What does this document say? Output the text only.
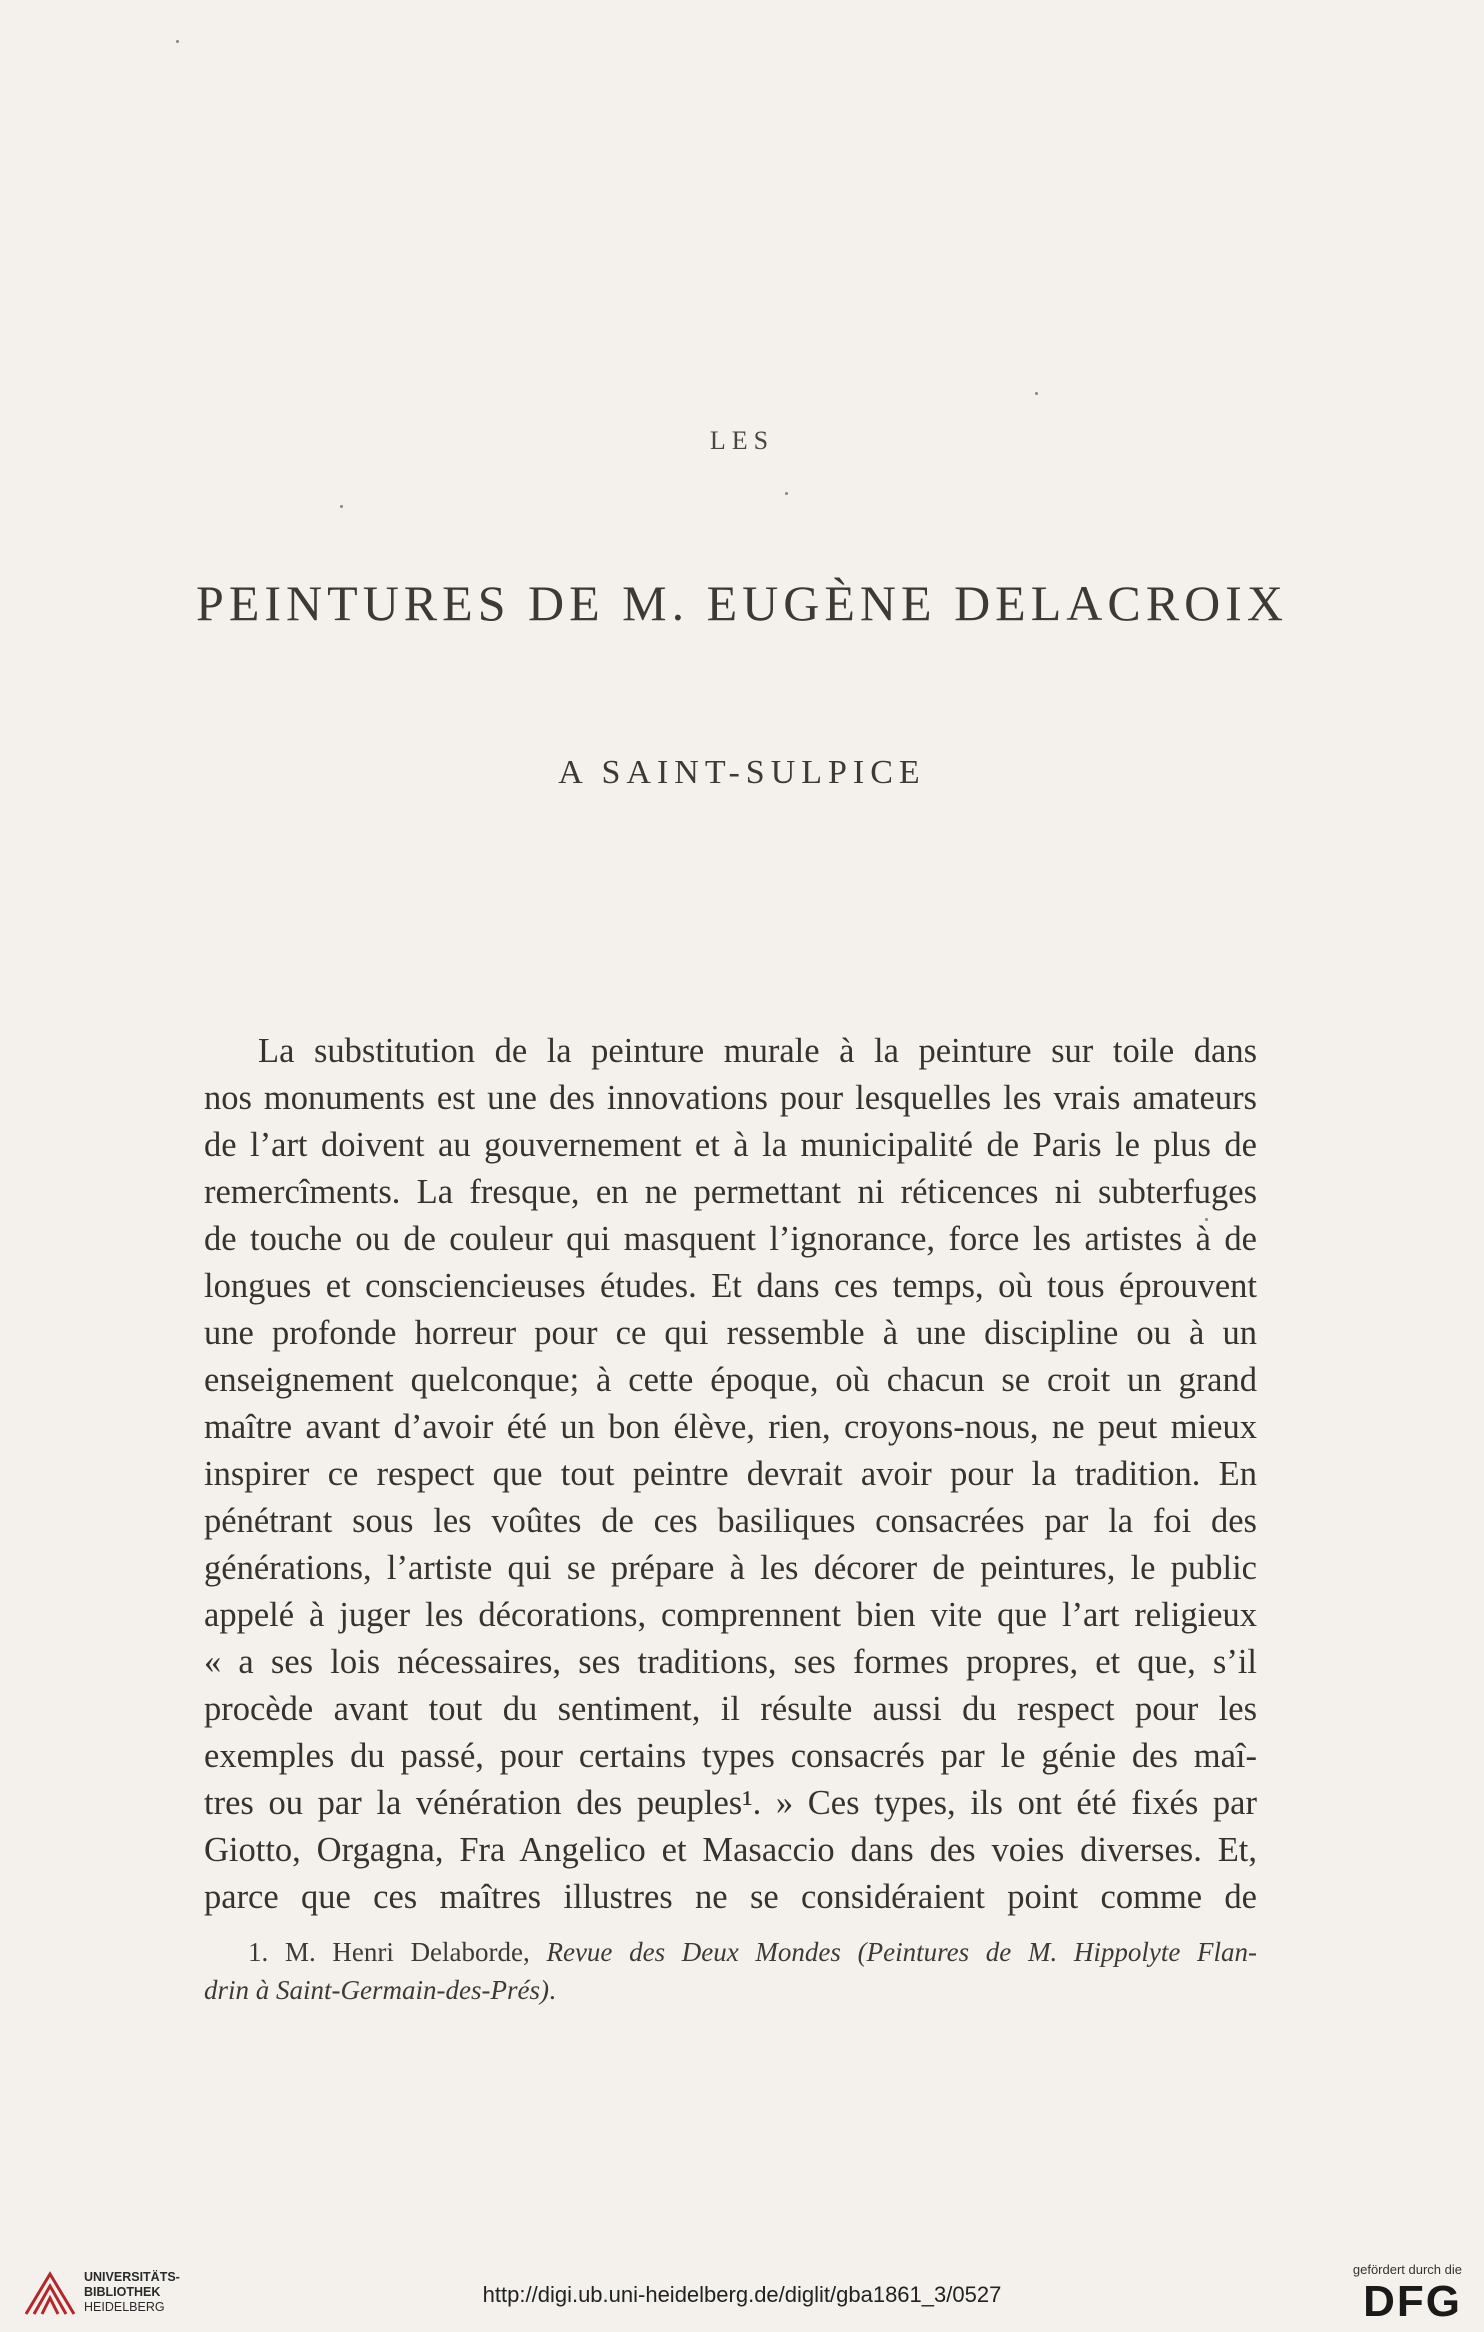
LES
PEINTURES DE M. EUGÈNE DELACROIX
A SAINT-SULPICE
La substitution de la peinture murale à la peinture sur toile dans
nos monuments est une des innovations pour lesquelles les vrais amateurs
de l’art doivent au gouvernement et à la municipalité de Paris le plus de
remercîments. La fresque, en ne permettant ni réticences ni subterfuges
de touche ou de couleur qui masquent l’ignorance, force les artistes à de
longues et consciencieuses études. Et dans ces temps, où tous éprouvent
une profonde horreur pour ce qui ressemble à une discipline ou à un
enseignement quelconque; à cette époque, où chacun se croit un grand
maître avant d’avoir été un bon élève, rien, croyons-nous, ne peut mieux
inspirer ce respect que tout peintre devrait avoir pour la tradition. En
pénétrant sous les voûtes de ces basiliques consacrées par la foi des
générations, l’artiste qui se prépare à les décorer de peintures, le public
appelé à juger les décorations, comprennent bien vite que l’art religieux
« a ses lois nécessaires, ses traditions, ses formes propres, et que, s’il
procède avant tout du sentiment, il résulte aussi du respect pour les
exemples du passé, pour certains types consacrés par le génie des maî-
tres ou par la vénération des peuples¹. » Ces types, ils ont été fixés par
Giotto, Orgagna, Fra Angelico et Masaccio dans des voies diverses. Et,
parce que ces maîtres illustres ne se considéraient point comme de
1. M. Henri Delaborde, Revue des Deux Mondes (Peintures de M. Hippolyte Flan-
drin à Saint-Germain-des-Prés).
UNIVERSITÄTS-
BIBLIOTHEK
HEIDELBERG	http://digi.ub.uni-heidelberg.de/diglit/gba1861_3/0527
gefördert durch die
DFG
